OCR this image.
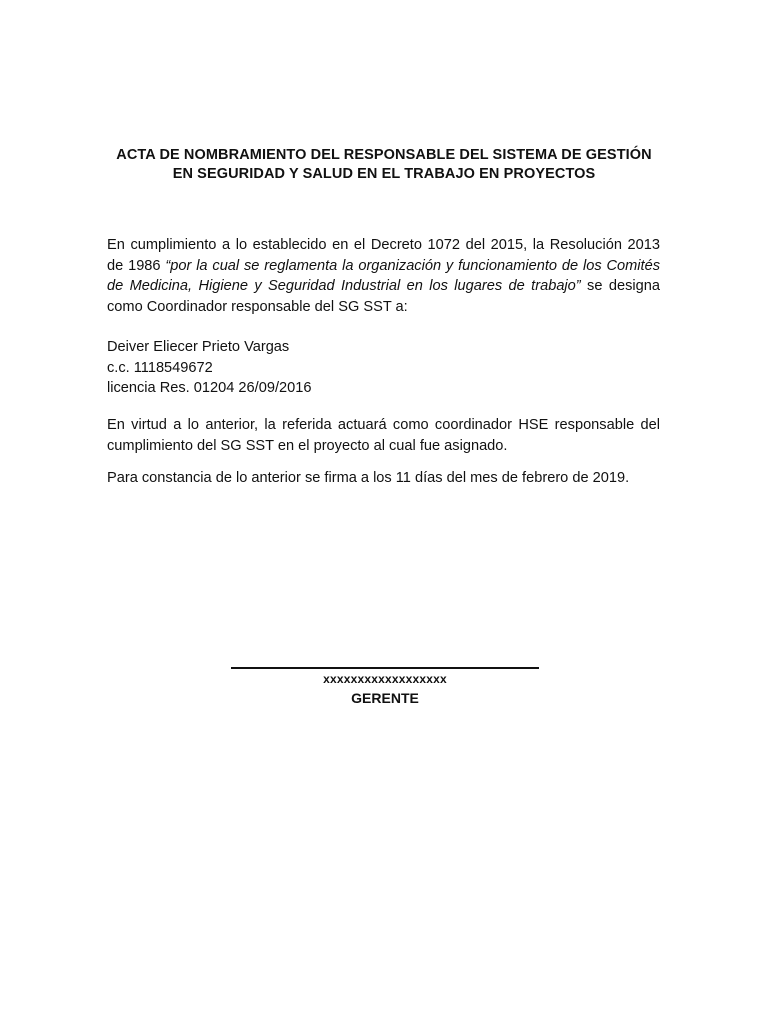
ACTA DE NOMBRAMIENTO DEL RESPONSABLE DEL SISTEMA DE GESTIÓN
EN SEGURIDAD Y SALUD EN EL TRABAJO EN PROYECTOS
En cumplimiento a lo establecido en el Decreto 1072 del 2015, la Resolución 2013 de 1986 “por la cual se reglamenta la organización y funcionamiento de los Comités de Medicina, Higiene y Seguridad Industrial en los lugares de trabajo” se designa como Coordinador responsable del SG SST a:
Deiver Eliecer Prieto Vargas
c.c. 1118549672
licencia Res. 01204 26/09/2016
En virtud a lo anterior, la referida actuará como coordinador HSE responsable del cumplimiento del SG SST en el proyecto al cual fue asignado.
Para constancia de lo anterior se firma a los 11 días del mes de febrero de 2019.
xxxxxxxxxxxxxxxxxx
GERENTE
